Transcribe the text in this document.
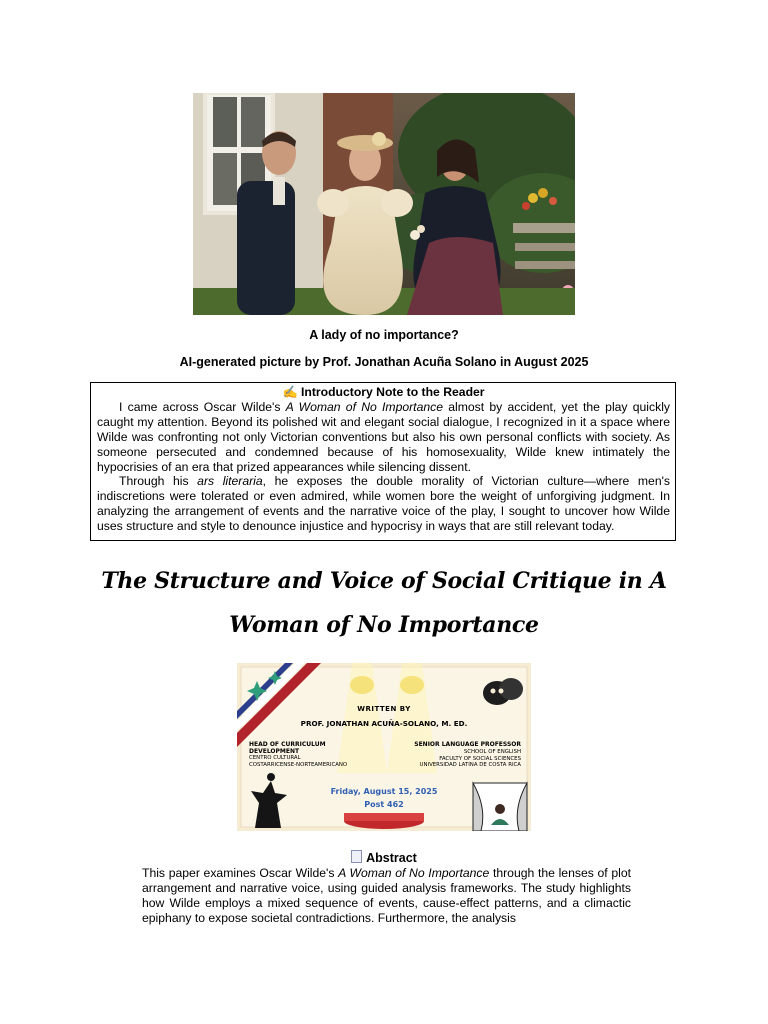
A lady of no importance?
AI-generated picture by Prof. Jonathan Acuña Solano in August 2025
✍ Introductory Note to the Reader

I came across Oscar Wilde's A Woman of No Importance almost by accident, yet the play quickly caught my attention. Beyond its polished wit and elegant social dialogue, I recognized in it a space where Wilde was confronting not only Victorian conventions but also his own personal conflicts with society. As someone persecuted and condemned because of his homosexuality, Wilde knew intimately the hypocrisies of an era that prized appearances while silencing dissent.

Through his ars literaria, he exposes the double morality of Victorian culture—where men's indiscretions were tolerated or even admired, while women bore the weight of unforgiving judgment. In analyzing the arrangement of events and the narrative voice of the play, I sought to uncover how Wilde uses structure and style to denounce injustice and hypocrisy in ways that are still relevant today.

The Structure and Voice of Social Critique in A
Woman of No Importance
WRITTEN BY
PROF. JONATHAN ACUÑA-SOLANO, M. ED.
HEAD OF CURRICULUM
DEVELOPMENT
CENTRO CULTURAL
COSTARRICENSE-NORTEAMERICANO
SENIOR LANGUAGE PROFESSOR
SCHOOL OF ENGLISH
FACULTY OF SOCIAL SCIENCES
UNIVERSIDAD LATINA DE COSTA RICA
Friday, August 15, 2025
Post 462
Abstract

This paper examines Oscar Wilde's A Woman of No Importance through the lenses of plot arrangement and narrative voice, using guided analysis frameworks. The study highlights how Wilde employs a mixed sequence of events, cause-effect patterns, and a climactic epiphany to expose societal contradictions. Furthermore, the analysis
